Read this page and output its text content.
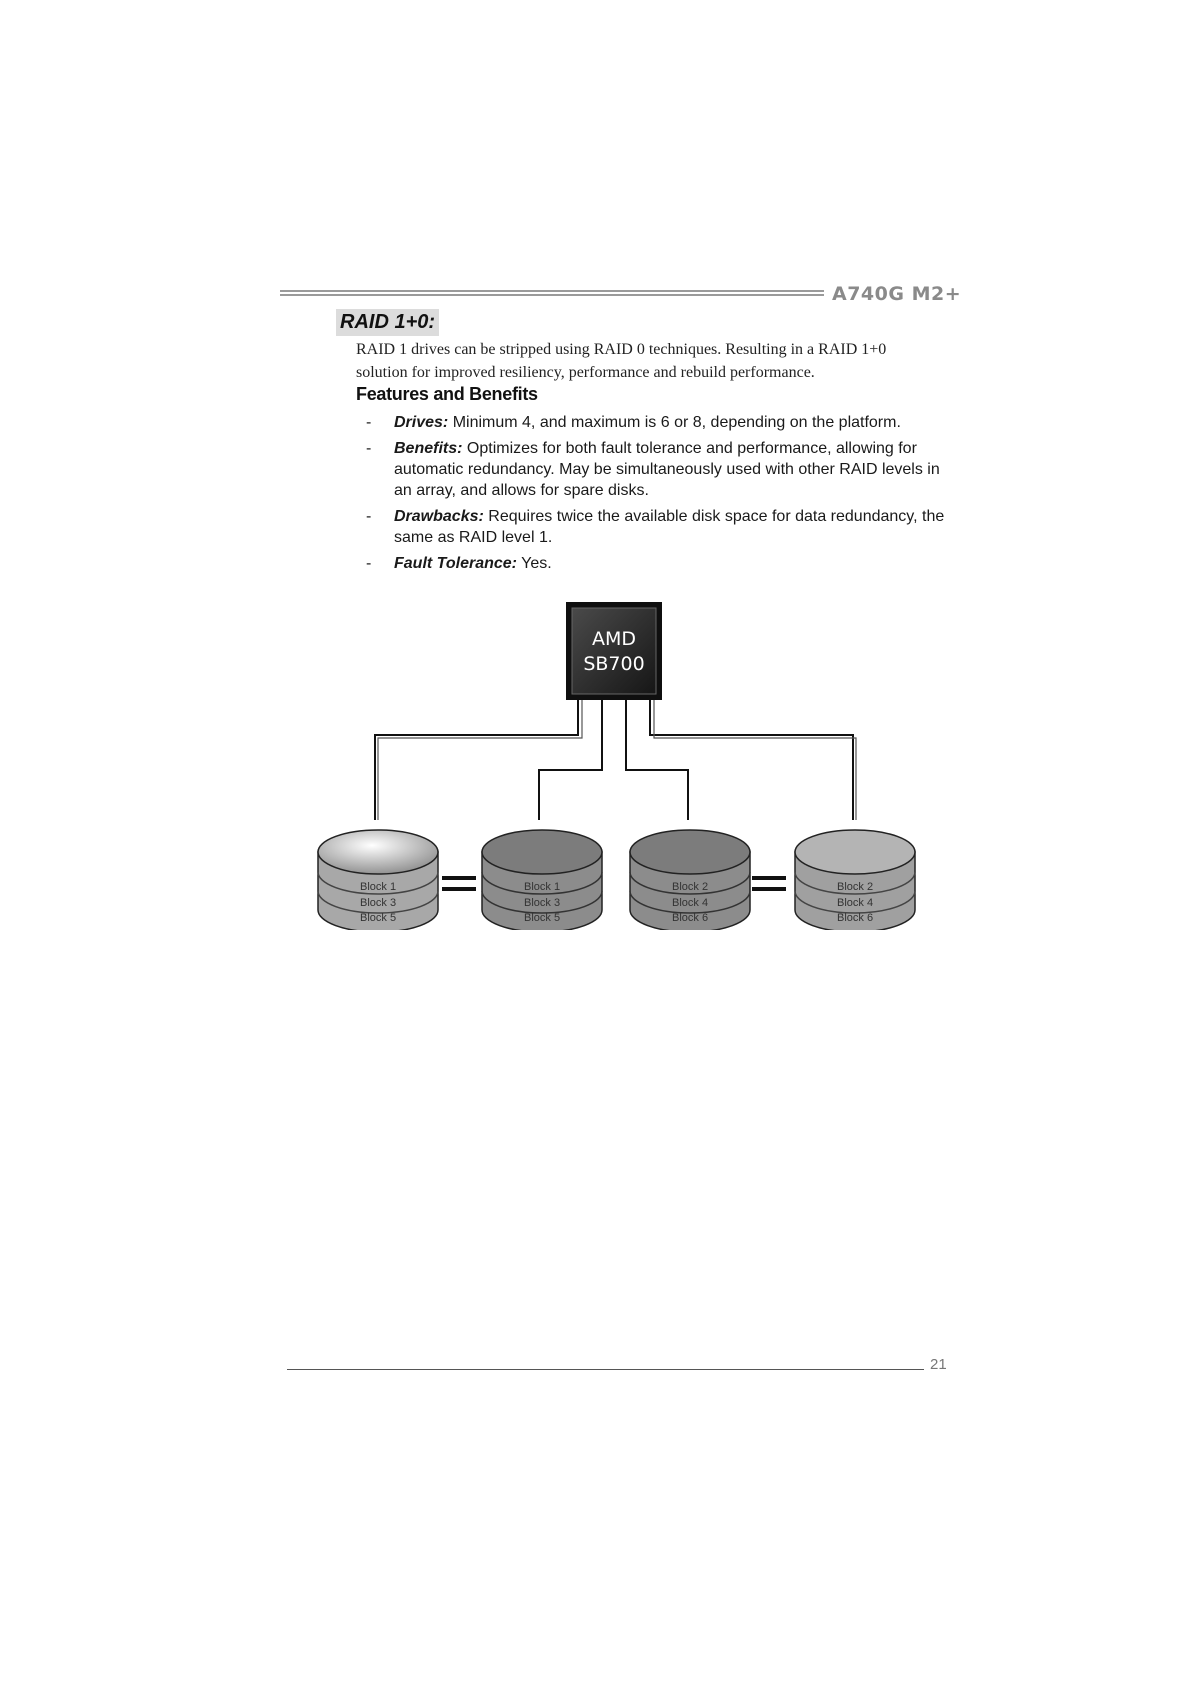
A740G M2+
RAID 1+0:
RAID 1 drives can be stripped using RAID 0 techniques. Resulting in a RAID 1+0
solution for improved resiliency, performance and rebuild performance.
Features and Benefits
- Drives: Minimum 4, and maximum is 6 or 8, depending on the platform.
- Benefits: Optimizes for both fault tolerance and performance, allowing for automatic redundancy. May be simultaneously used with other RAID levels in an array, and allows for spare disks.
- Drawbacks: Requires twice the available disk space for data redundancy, the same as RAID level 1.
- Fault Tolerance: Yes.
AMD
SB700
Block 1
Block 3
Block 5
Block 1
Block 3
Block 5
Block 2
Block 4
Block 6
Block 2
Block 4
Block 6
21
